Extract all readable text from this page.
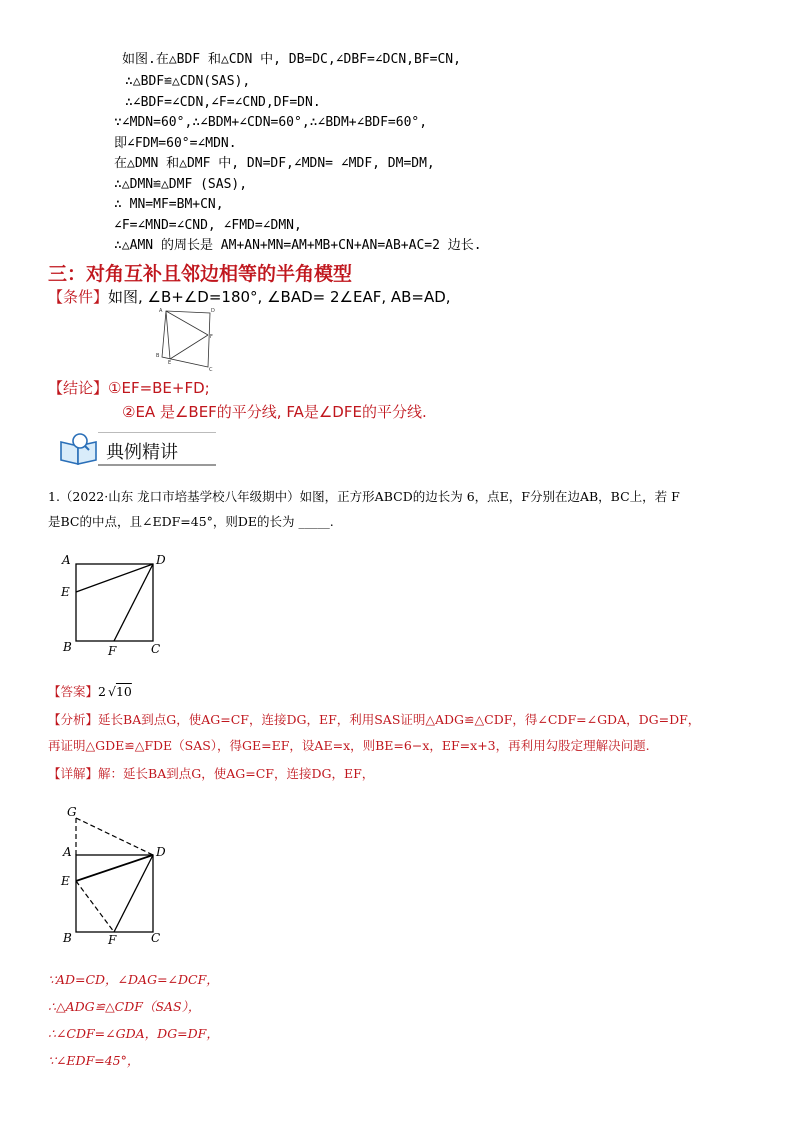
如图.在△BDF 和△CDN 中, DB=DC,∠DBF=∠DCN,BF=CN,
∴△BDF≌△CDN(SAS),
∴∠BDF=∠CDN,∠F=∠CND,DF=DN.
∵∠MDN=60°,∴∠BDM+∠CDN=60°,∴∠BDM+∠BDF=60°,
即∠FDM=60°=∠MDN.
在△DMN 和△DMF 中, DN=DF,∠MDN= ∠MDF, DM=DM,
∴△DMN≌△DMF (SAS),
∴ MN=MF=BM+CN,
∠F=∠MND=∠CND, ∠FMD=∠DMN,
∴△AMN 的周长是 AM+AN+MN=AM+MB+CN+AN=AB+AC=2 边长.
三：对角互补且邻边相等的半角模型
【条件】如图, ∠B+∠D=180°, ∠BAD= 2∠EAF, AB=AD,
A	D
B
E
C
F
【结论】①EF=BE+FD;
②EA 是∠BEF的平分线, FA是∠DFE的平分线.
典例精讲
1.（2022·山东 龙口市培基学校八年级期中）如图，正方形ABCD的边长为 6，点E，F分别在边AB，BC上，若 F
是BC的中点，且∠EDF=45°，则DE的长为 _____.
A	D
E
B	F	C
【答案】2 √10
【分析】延长BA到点G，使AG=CF，连接DG，EF，利用SAS证明△ADG≌△CDF，得∠CDF=∠GDA，DG=DF，
再证明△GDE≌△FDE（SAS），得GE=EF，设AE=x，则BE=6−x，EF=x+3，再利用勾股定理解决问题.
【详解】解：延长BA到点G，使AG=CF，连接DG，EF，
G
A	D
E
B	F	C
∵AD=CD，∠DAG=∠DCF，
∴△ADG≌△CDF（SAS），
∴∠CDF=∠GDA，DG=DF，
∵∠EDF=45°，
